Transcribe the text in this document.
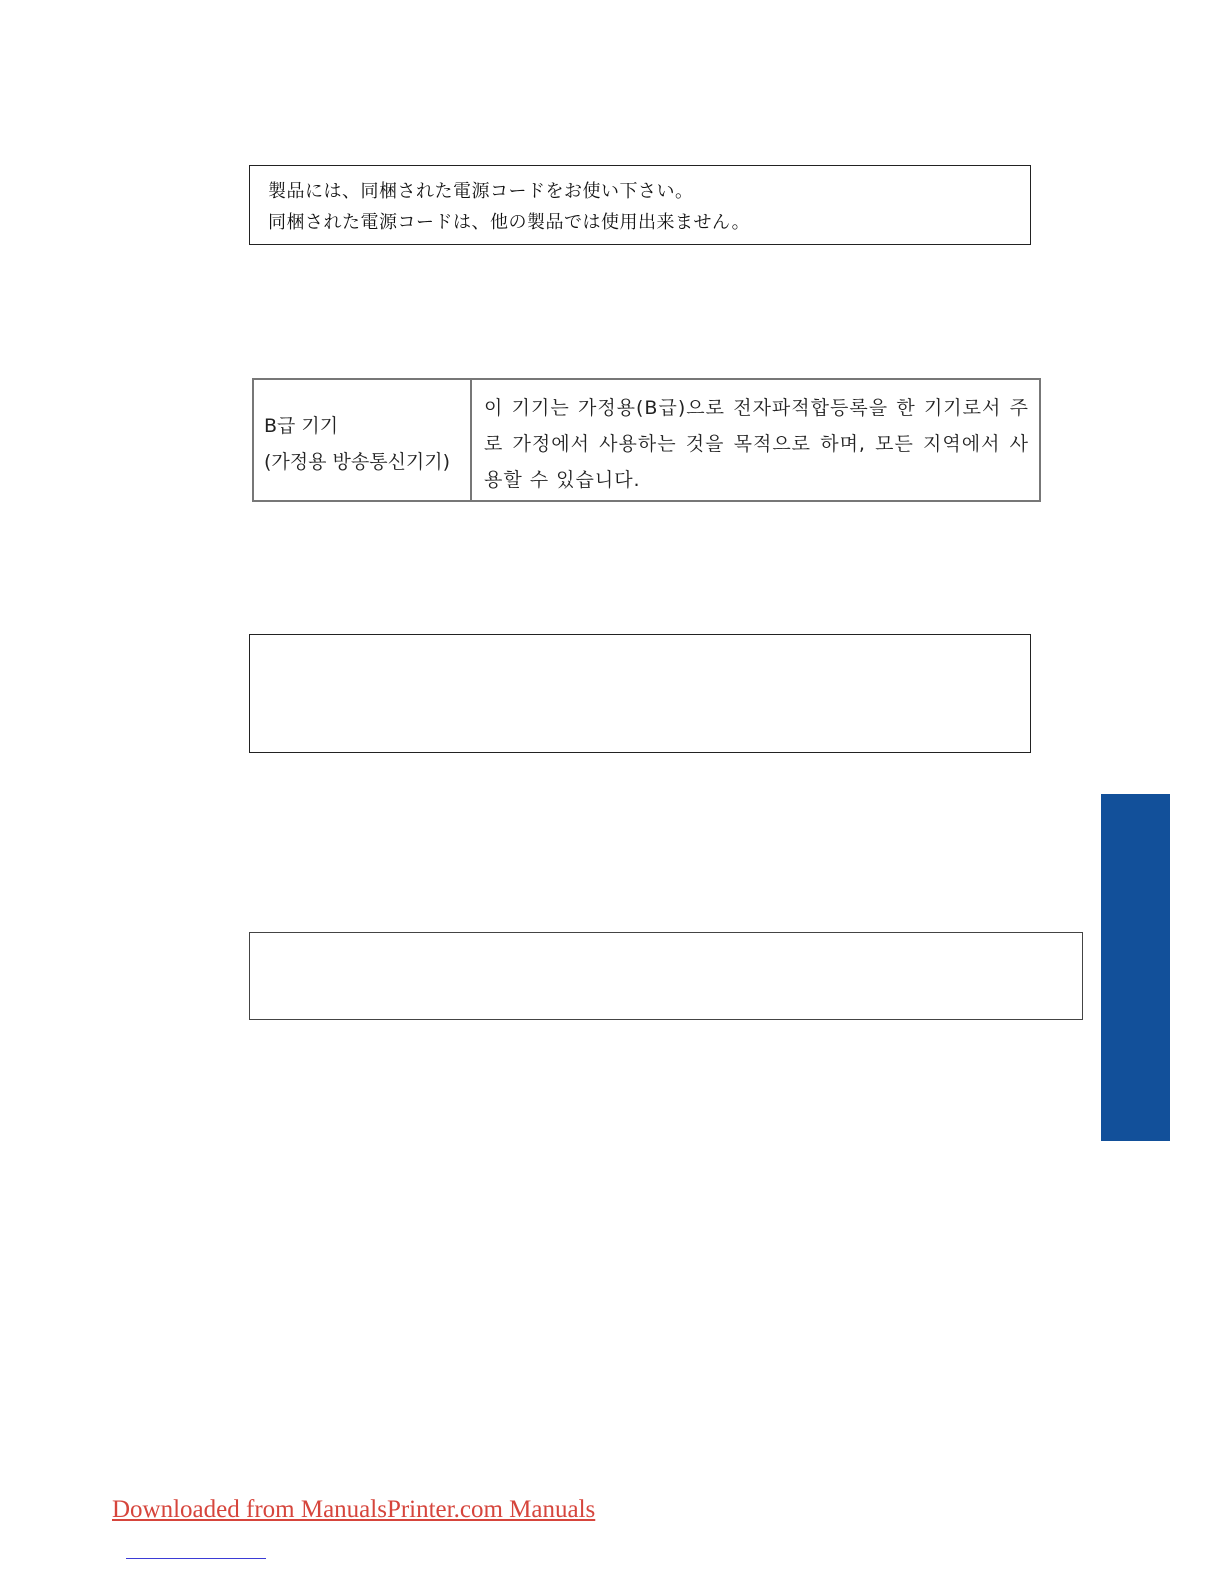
製品には、同梱された電源コードをお使い下さい。
同梱された電源コードは、他の製品では使用出来ません。
B급 기기
(가정용 방송통신기기)
이 기기는 가정용(B급)으로 전자파적합등록을 한 기기로서 주
로 가정에서 사용하는 것을 목적으로 하며, 모든 지역에서 사
용할 수 있습니다.
Downloaded from ManualsPrinter.com Manuals
